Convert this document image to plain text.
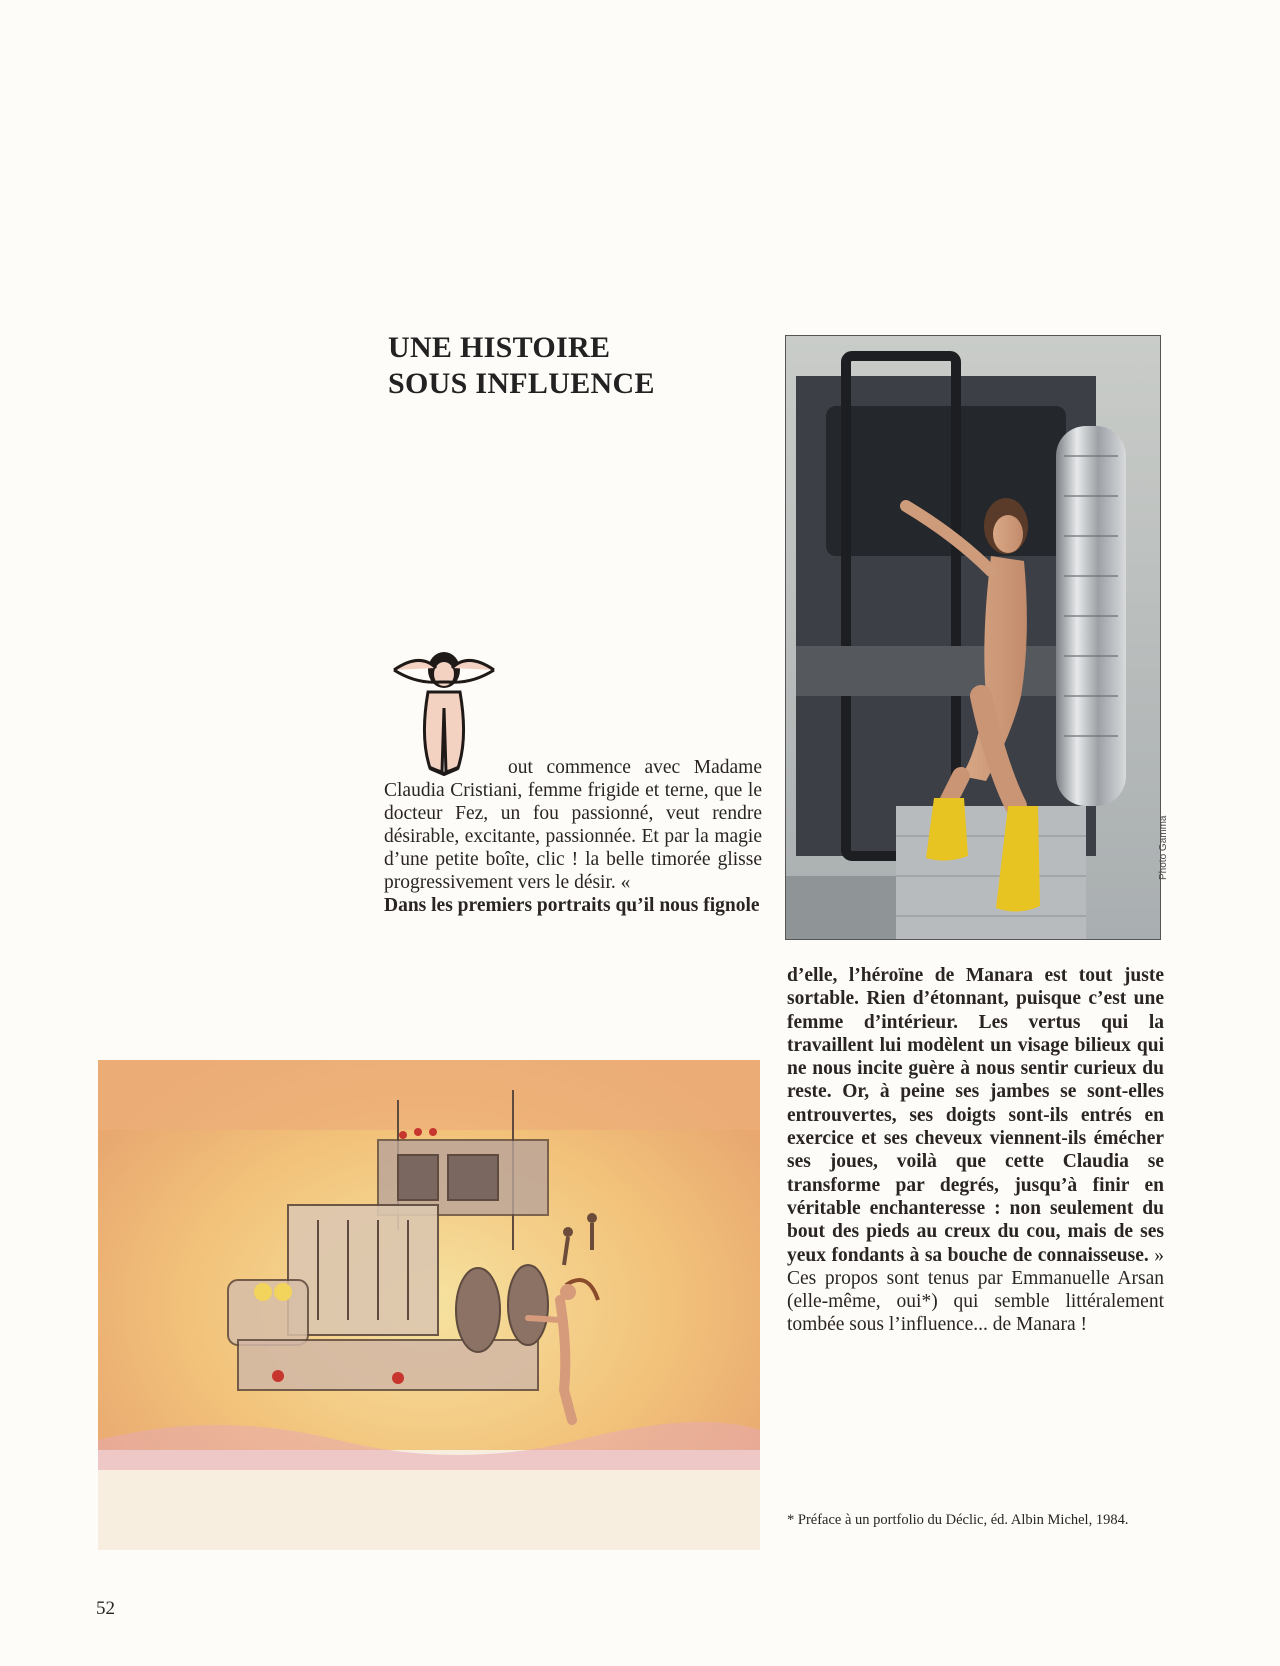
UNE HISTOIRE
SOUS INFLUENCE
Photo Gamma
out commence avec Madame Claudia Cristiani, femme frigide et terne, que le docteur Fez, un fou passionné, veut rendre désirable, excitante, passionnée. Et par la magie d’une petite boîte, clic ! la belle timorée glisse progressivement vers le désir. «
Dans les premiers portraits qu’il nous fignole
d’elle, l’héroïne de Manara est tout juste sortable. Rien d’étonnant, puisque c’est une femme d’intérieur. Les vertus qui la travaillent lui modèlent un visage bilieux qui ne nous incite guère à nous sentir curieux du reste. Or, à peine ses jambes se sont-elles entrouvertes, ses doigts sont-ils entrés en exercice et ses cheveux viennent-ils émécher ses joues, voilà que cette Claudia se transforme par degrés, jusqu’à finir en véritable enchanteresse : non seulement du bout des pieds au creux du cou, mais de ses yeux fondants à sa bouche de connaisseuse. » Ces propos sont tenus par Emmanuelle Arsan (elle-même, oui*) qui semble littéralement tombée sous l’influence... de Manara !
* Préface à un portfolio du Déclic, éd. Albin Michel, 1984.
52
